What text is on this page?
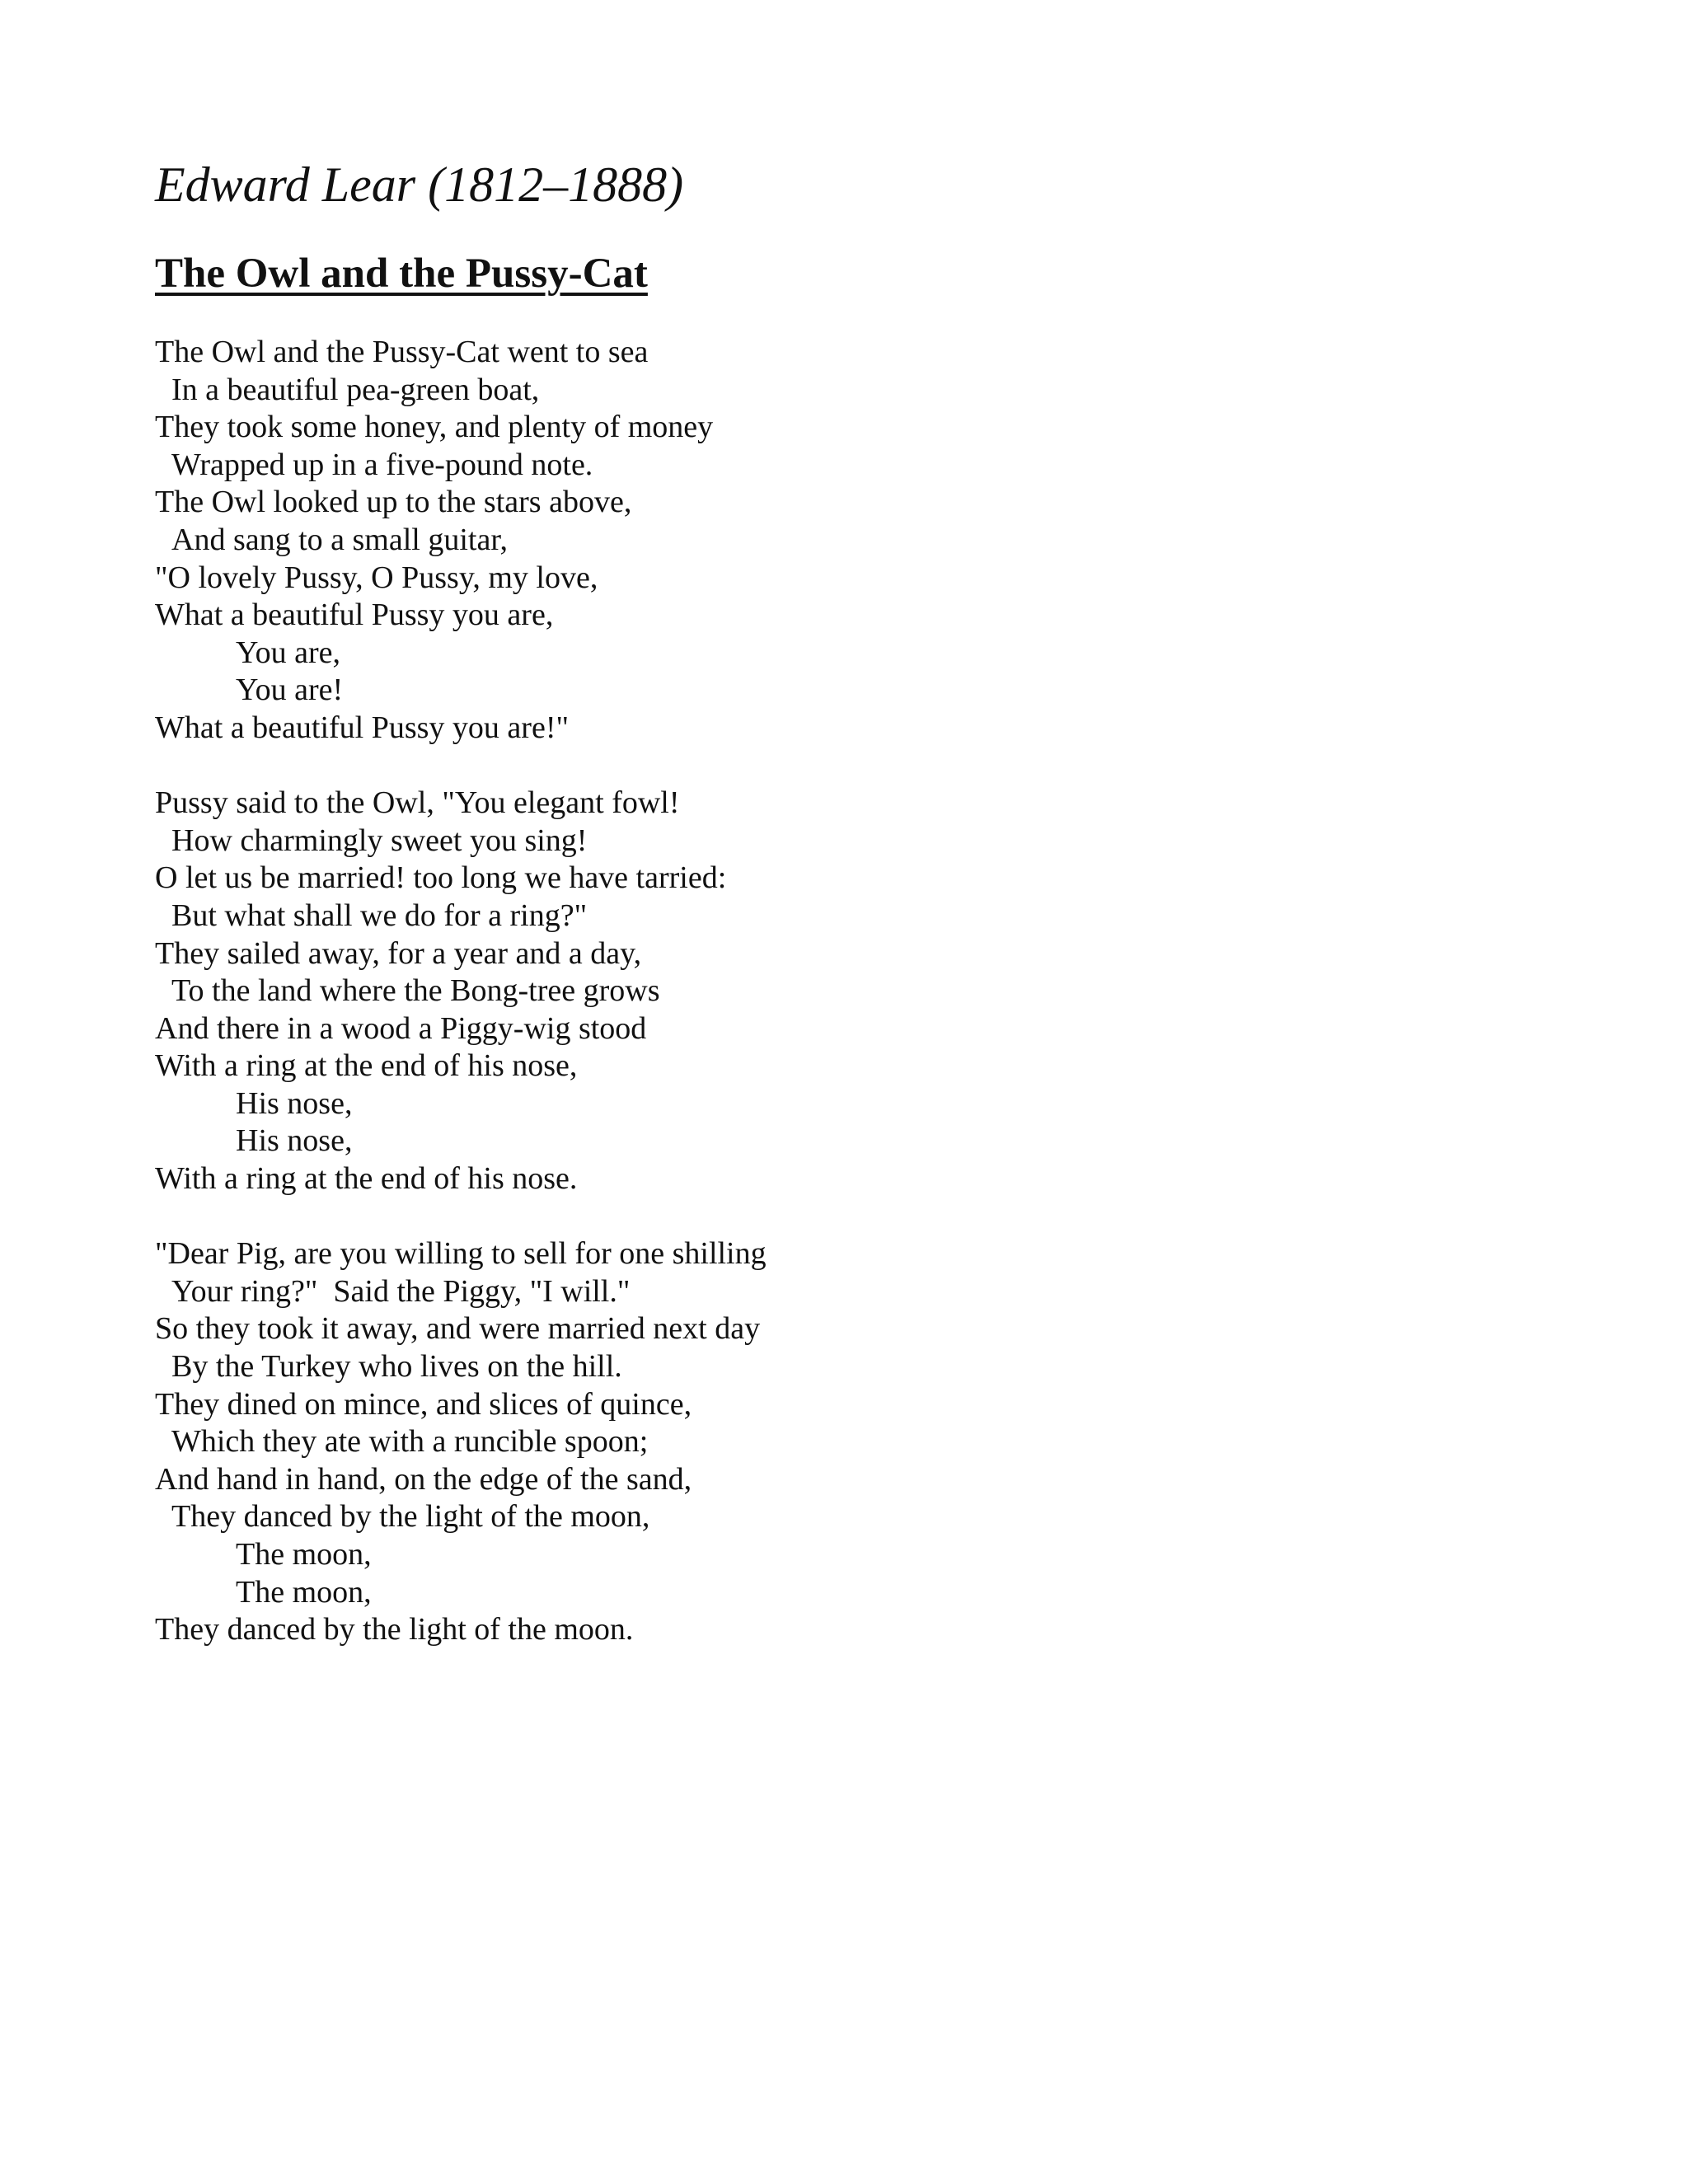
Edward Lear (1812–1888)
The Owl and the Pussy-Cat
The Owl and the Pussy-Cat went to sea
In a beautiful pea-green boat,
They took some honey, and plenty of money
Wrapped up in a five-pound note.
The Owl looked up to the stars above,
And sang to a small guitar,
"O lovely Pussy, O Pussy, my love,
What a beautiful Pussy you are,
You are,
You are!
What a beautiful Pussy you are!"
Pussy said to the Owl, "You elegant fowl!
How charmingly sweet you sing!
O let us be married! too long we have tarried:
But what shall we do for a ring?"
They sailed away, for a year and a day,
To the land where the Bong-tree grows
And there in a wood a Piggy-wig stood
With a ring at the end of his nose,
His nose,
His nose,
With a ring at the end of his nose.
"Dear Pig, are you willing to sell for one shilling
Your ring?"  Said the Piggy, "I will."
So they took it away, and were married next day
By the Turkey who lives on the hill.
They dined on mince, and slices of quince,
Which they ate with a runcible spoon;
And hand in hand, on the edge of the sand,
They danced by the light of the moon,
The moon,
The moon,
They danced by the light of the moon.
